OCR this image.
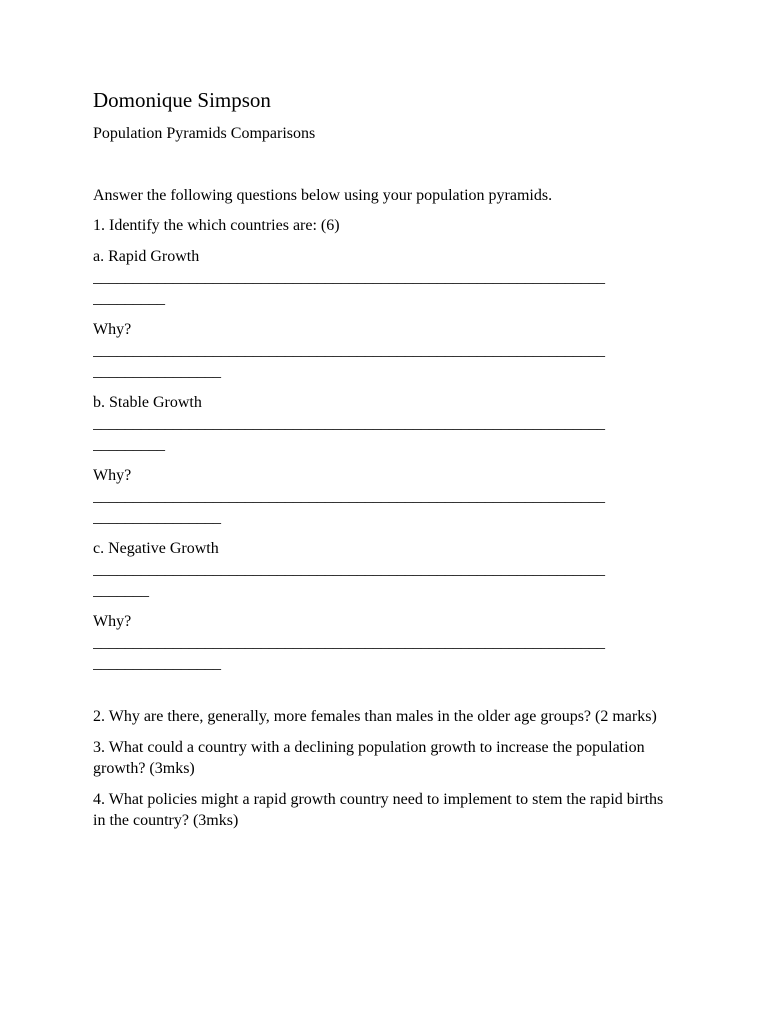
Domonique Simpson
Population Pyramids Comparisons
Answer the following questions below using your population pyramids.
1. Identify the which countries are: (6)
a. Rapid Growth
________________________________________________________________
_________
Why?
________________________________________________________________
________________
b. Stable Growth
________________________________________________________________
_________
Why?
________________________________________________________________
________________
c. Negative Growth
________________________________________________________________
_______
Why?
________________________________________________________________
________________
2. Why are there, generally, more females than males in the older age groups? (2 marks)
3. What could a country with a declining population growth to increase the population growth? (3mks)
4. What policies might a rapid growth country need to implement to stem the rapid births in the country? (3mks)
